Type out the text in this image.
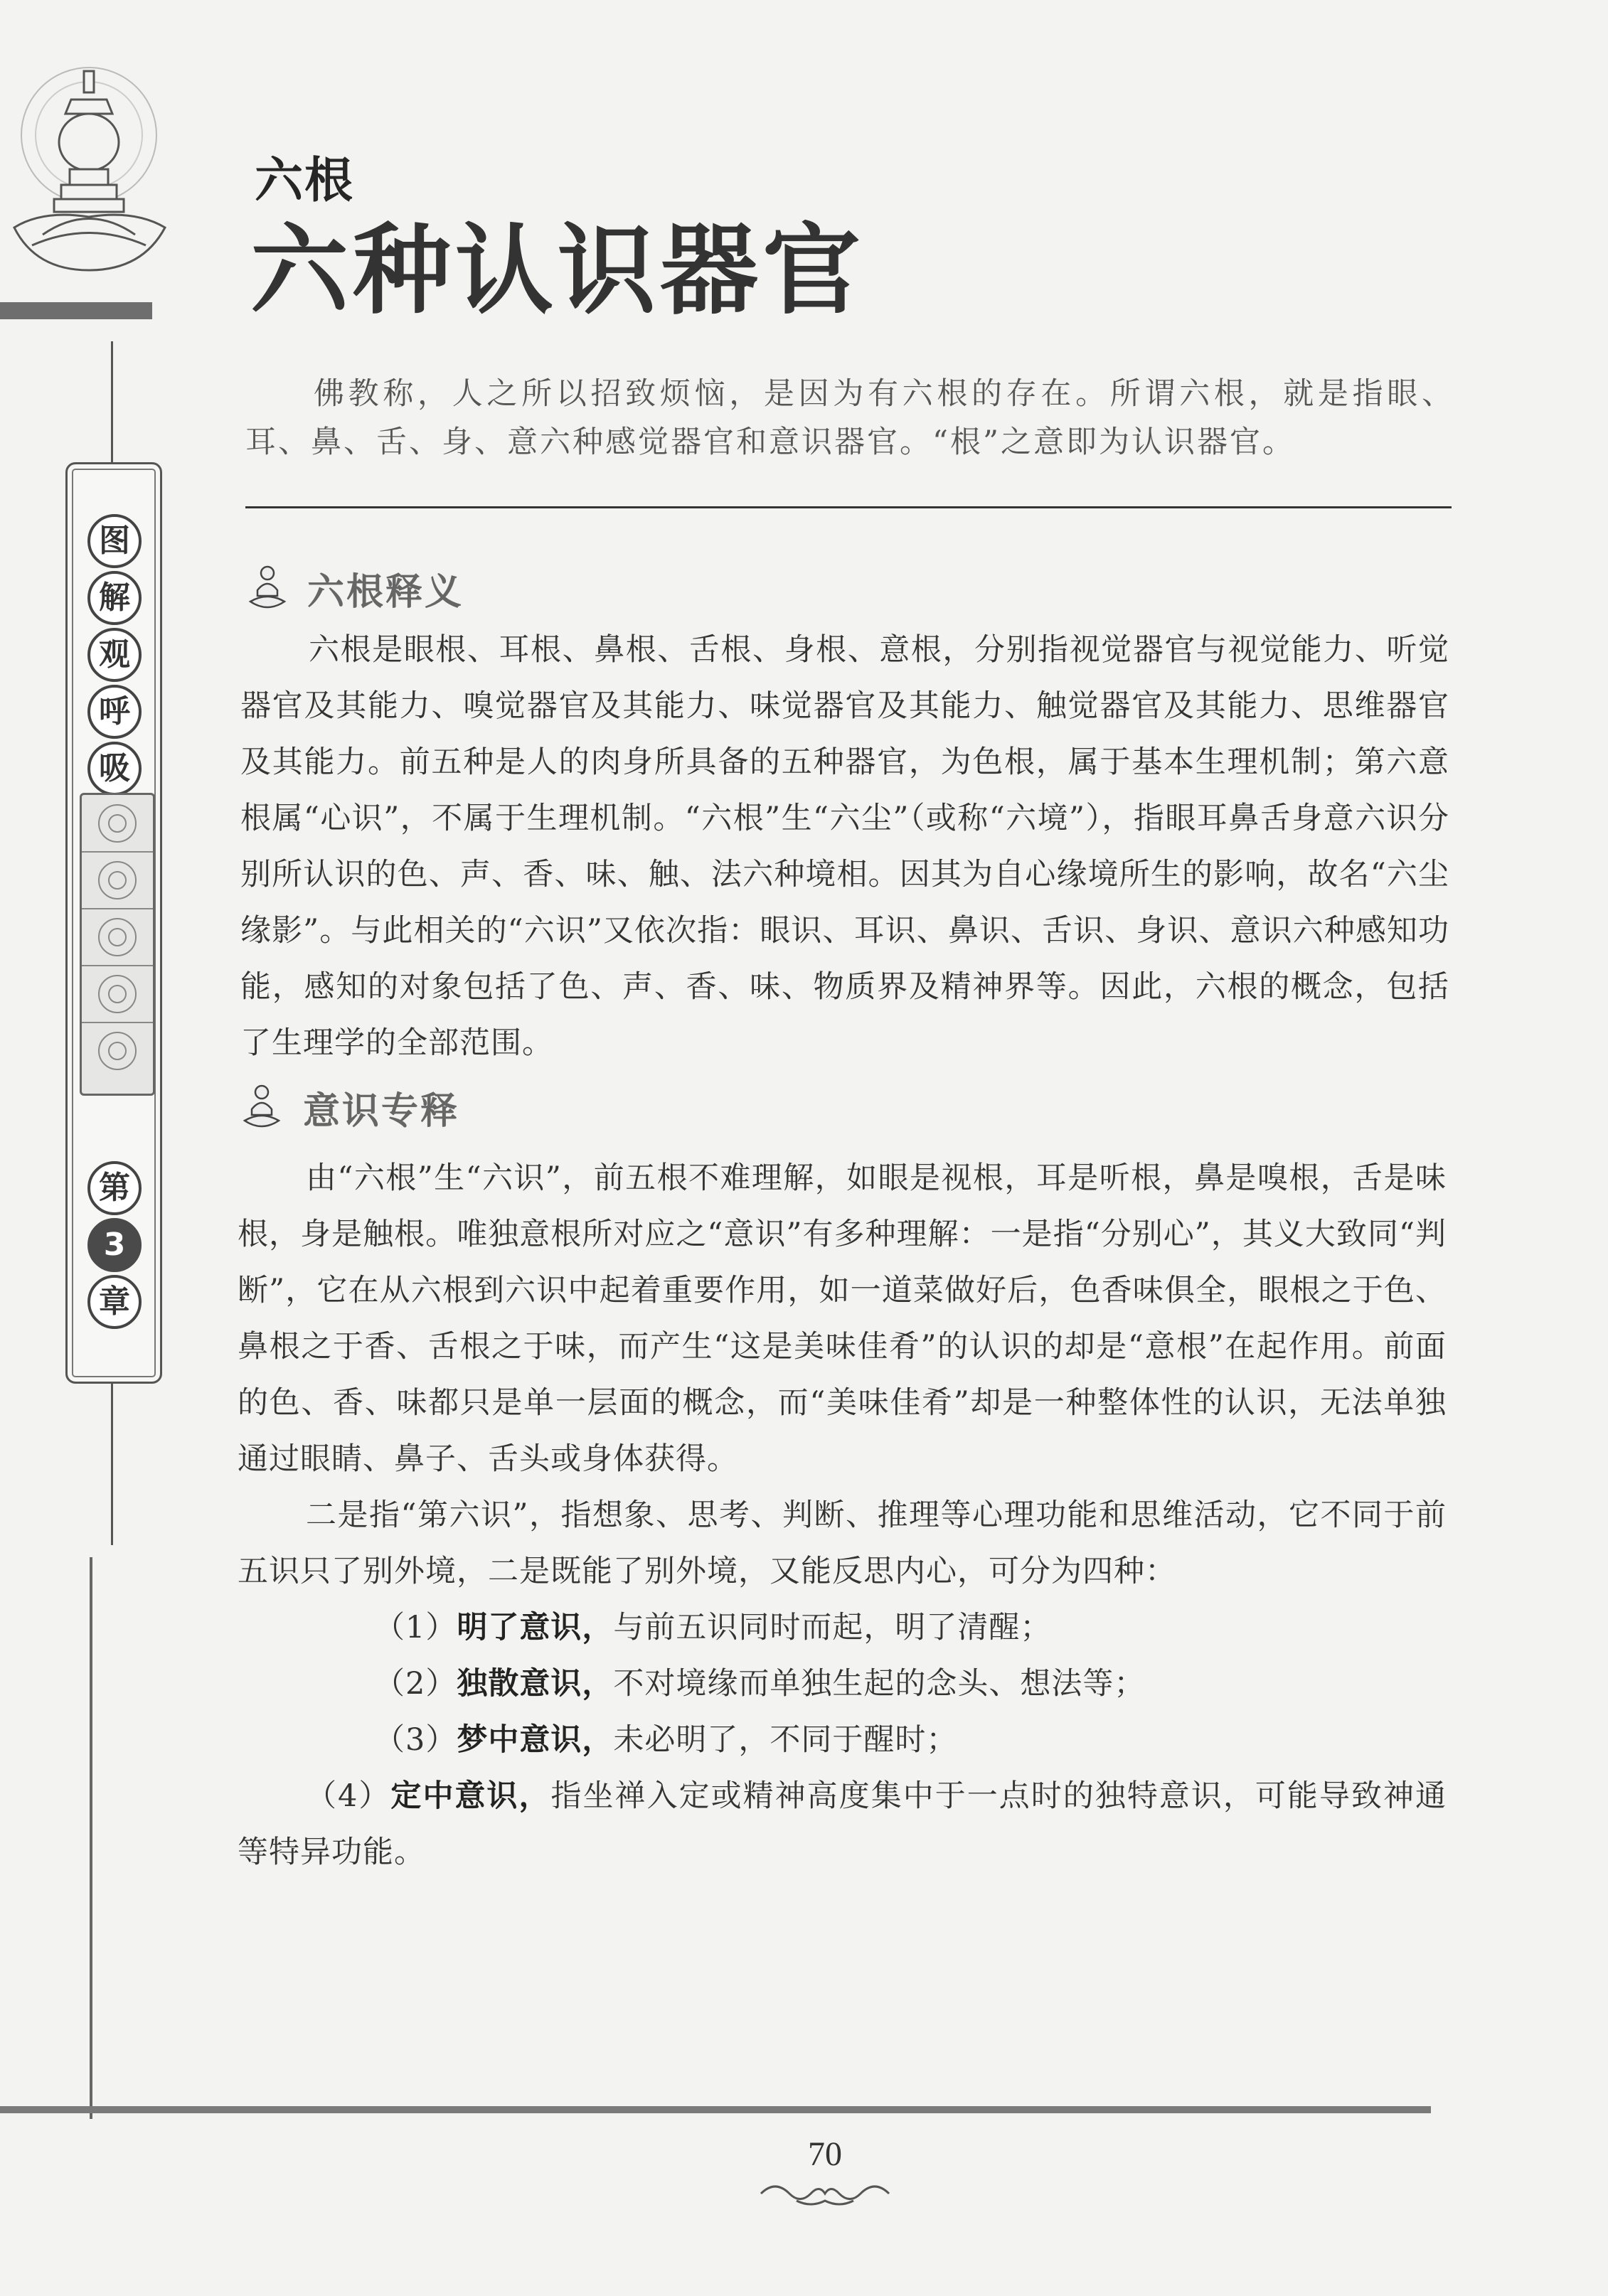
图
解
观
呼
吸
第
3
章
六根
六种认识器官
佛教称，人之所以招致烦恼，是因为有六根的存在。所谓六根，就是指眼、耳、鼻、舌、身、意六种感觉器官和意识器官。“根”之意即为认识器官。
六根释义

六根是眼根、耳根、鼻根、舌根、身根、意根，分别指视觉器官与视觉能力、听觉器官及其能力、嗅觉器官及其能力、味觉器官及其能力、触觉器官及其能力、思维器官及其能力。前五种是人的肉身所具备的五种器官，为色根，属于基本生理机制；第六意根属“心识”，不属于生理机制。“六根”生“六尘”（或称“六境”），指眼耳鼻舌身意六识分别所认识的色、声、香、味、触、法六种境相。因其为自心缘境所生的影响，故名“六尘缘影”。与此相关的“六识”又依次指：眼识、耳识、鼻识、舌识、身识、意识六种感知功能，感知的对象包括了色、声、香、味、物质界及精神界等。因此，六根的概念，包括了生理学的全部范围。

意识专释

由“六根”生“六识”，前五根不难理解，如眼是视根，耳是听根，鼻是嗅根，舌是味根，身是触根。唯独意根所对应之“意识”有多种理解：一是指“分别心”，其义大致同“判断”，它在从六根到六识中起着重要作用，如一道菜做好后，色香味俱全，眼根之于色、鼻根之于香、舌根之于味，而产生“这是美味佳肴”的认识的却是“意根”在起作用。前面的色、香、味都只是单一层面的概念，而“美味佳肴”却是一种整体性的认识，无法单独通过眼睛、鼻子、舌头或身体获得。

二是指“第六识”，指想象、思考、判断、推理等心理功能和思维活动，它不同于前五识只了别外境，二是既能了别外境，又能反思内心，可分为四种：

（1）明了意识，与前五识同时而起，明了清醒；

（2）独散意识，不对境缘而单独生起的念头、想法等；

（3）梦中意识，未必明了，不同于醒时；

（4）定中意识，指坐禅入定或精神高度集中于一点时的独特意识，可能导致神通等特异功能。

70
